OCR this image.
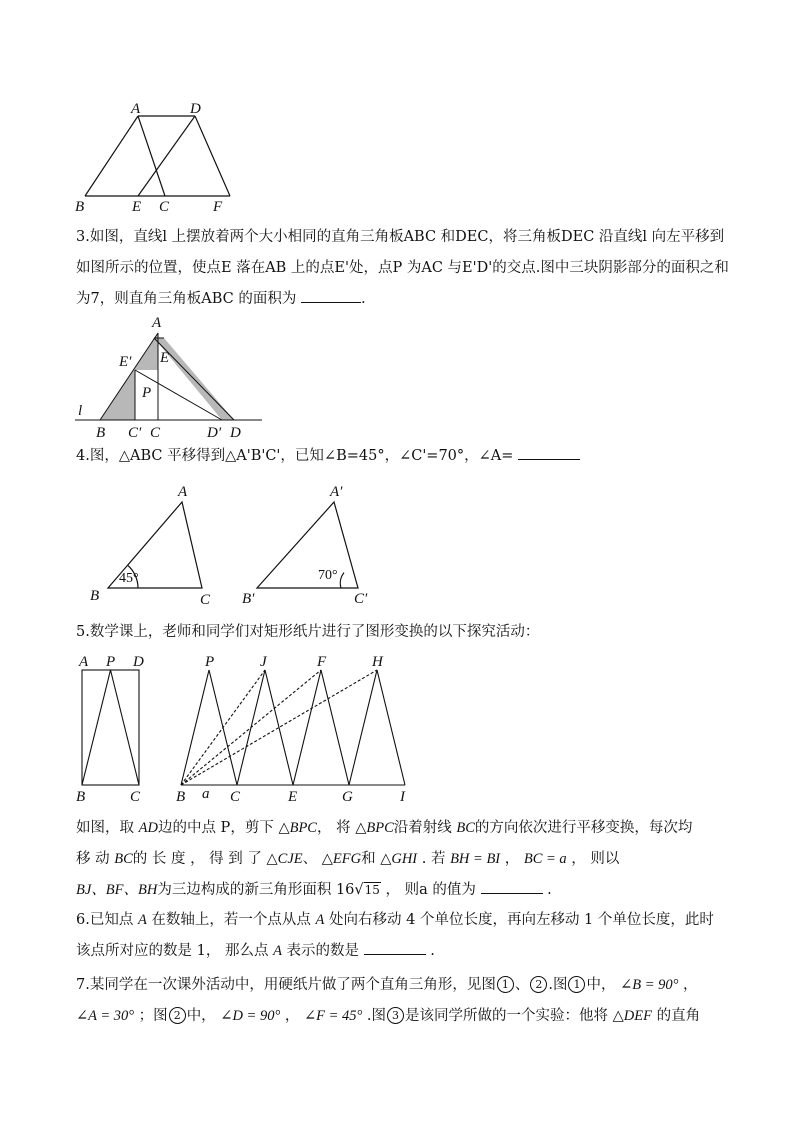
A	D
B	E C	F

3.如图，直线l 上摆放着两个大小相同的直角三角板ABC 和DEC，将三角板DEC 沿直线l 向左平移到如图所示的位置，使点E 落在AB 上的点E'处，点P 为AC 与E'D'的交点.图中三块阴影部分的面积之和为7，则直角三角板ABC 的面积为	.

A
E′ E
P
l
B C′ C	D′ D

4.图，△ABC 平移得到△A'B'C'，已知∠B=45°，∠C'=70°，∠A=

A
B	C
45°
A′
B′	C′
70°

5.数学课上，老师和同学们对矩形纸片进行了图形变换的以下探究活动：

A P D
B	C
P	J	F	H
B a C	E	G	I

如图，取 AD边的中点 P，剪下 △BPC， 将 △BPC沿着射线 BC的方向依次进行平移变换，每次均
移 动 BC的 长 度 ， 得 到 了 △CJE、 △EFG和 △GHI . 若 BH = BI ， BC = a ， 则以
BJ、BF、BH为三边构成的新三角形面积 16√15 ， 则a 的值为	.

6.已知点 A 在数轴上，若一个点从点 A 处向右移动 4 个单位长度，再向左移动 1 个单位长度，此时
该点所对应的数是 1， 那么点 A 表示的数是	.

7.某同学在一次课外活动中，用硬纸片做了两个直角三角形，见图 1 、 2 .图 1 中， ∠B = 90° ，
∠A = 30° ；图 2 中， ∠D = 90° ， ∠F = 45° .图 3 是该同学所做的一个实验：他将 △DEF 的直角
